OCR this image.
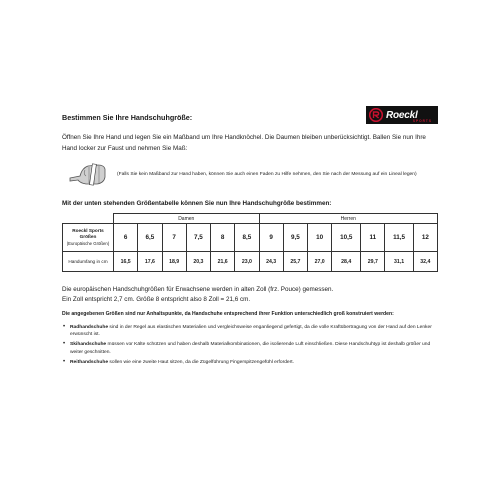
Bestimmen Sie Ihre Handschuhgröße:	Roeckl
SPORTS
Öffnen Sie Ihre Hand und legen Sie ein Maßband um Ihre Handknöchel. Die Daumen bleiben unberücksichtigt. Ballen Sie nun Ihre Hand locker zur Faust und nehmen Sie Maß:
(Falls Sie kein Maßband zur Hand haben, können Sie auch einen Faden zu Hilfe nehmen, den Sie nach der Messung auf ein Lineal legen)
Mit der unten stehenden Größentabelle können Sie nun Ihre Handschuhgröße bestimmen:
	Damen						Herren						

Roeckl Sports
Größen
(Europäische Größen)	6	6,5	7	7,5	8	8,5	9	9,5	10	10,5	11	11,5	12
Handumfang in cm	16,5	17,6	18,9	20,3	21,6	23,0	24,3	25,7	27,0	28,4	29,7	31,1	32,4
Die europäischen Handschuhgrößen für Erwachsene werden in alten Zoll (frz. Pouce) gemessen.
Ein Zoll entspricht 2,7 cm. Größe 8 entspricht also 8 Zoll = 21,6 cm.
Die angegebenen Größen sind nur Anhaltspunkte, da Handschuhe entsprechend ihrer Funktion unterschiedlich groß konstruiert werden:
• Radhandschuhe sind in der Regel aus elastischen Materialien und vergleichsweise enganliegend gefertigt, da die volle Kraftübertragung von der Hand auf den Lenker erwünscht ist.
• Skihandschuhe müssen vor Kälte schützen und haben deshalb Materialkombinationen, die isolierende Luft einschließen. Diese Handschuhtyp ist deshalb größer und weiter geschnitten.
• Reithandschuhe sollen wie eine zweite Haut sitzen, da die Zügelführung Fingerspitzengefühl erfordert.
